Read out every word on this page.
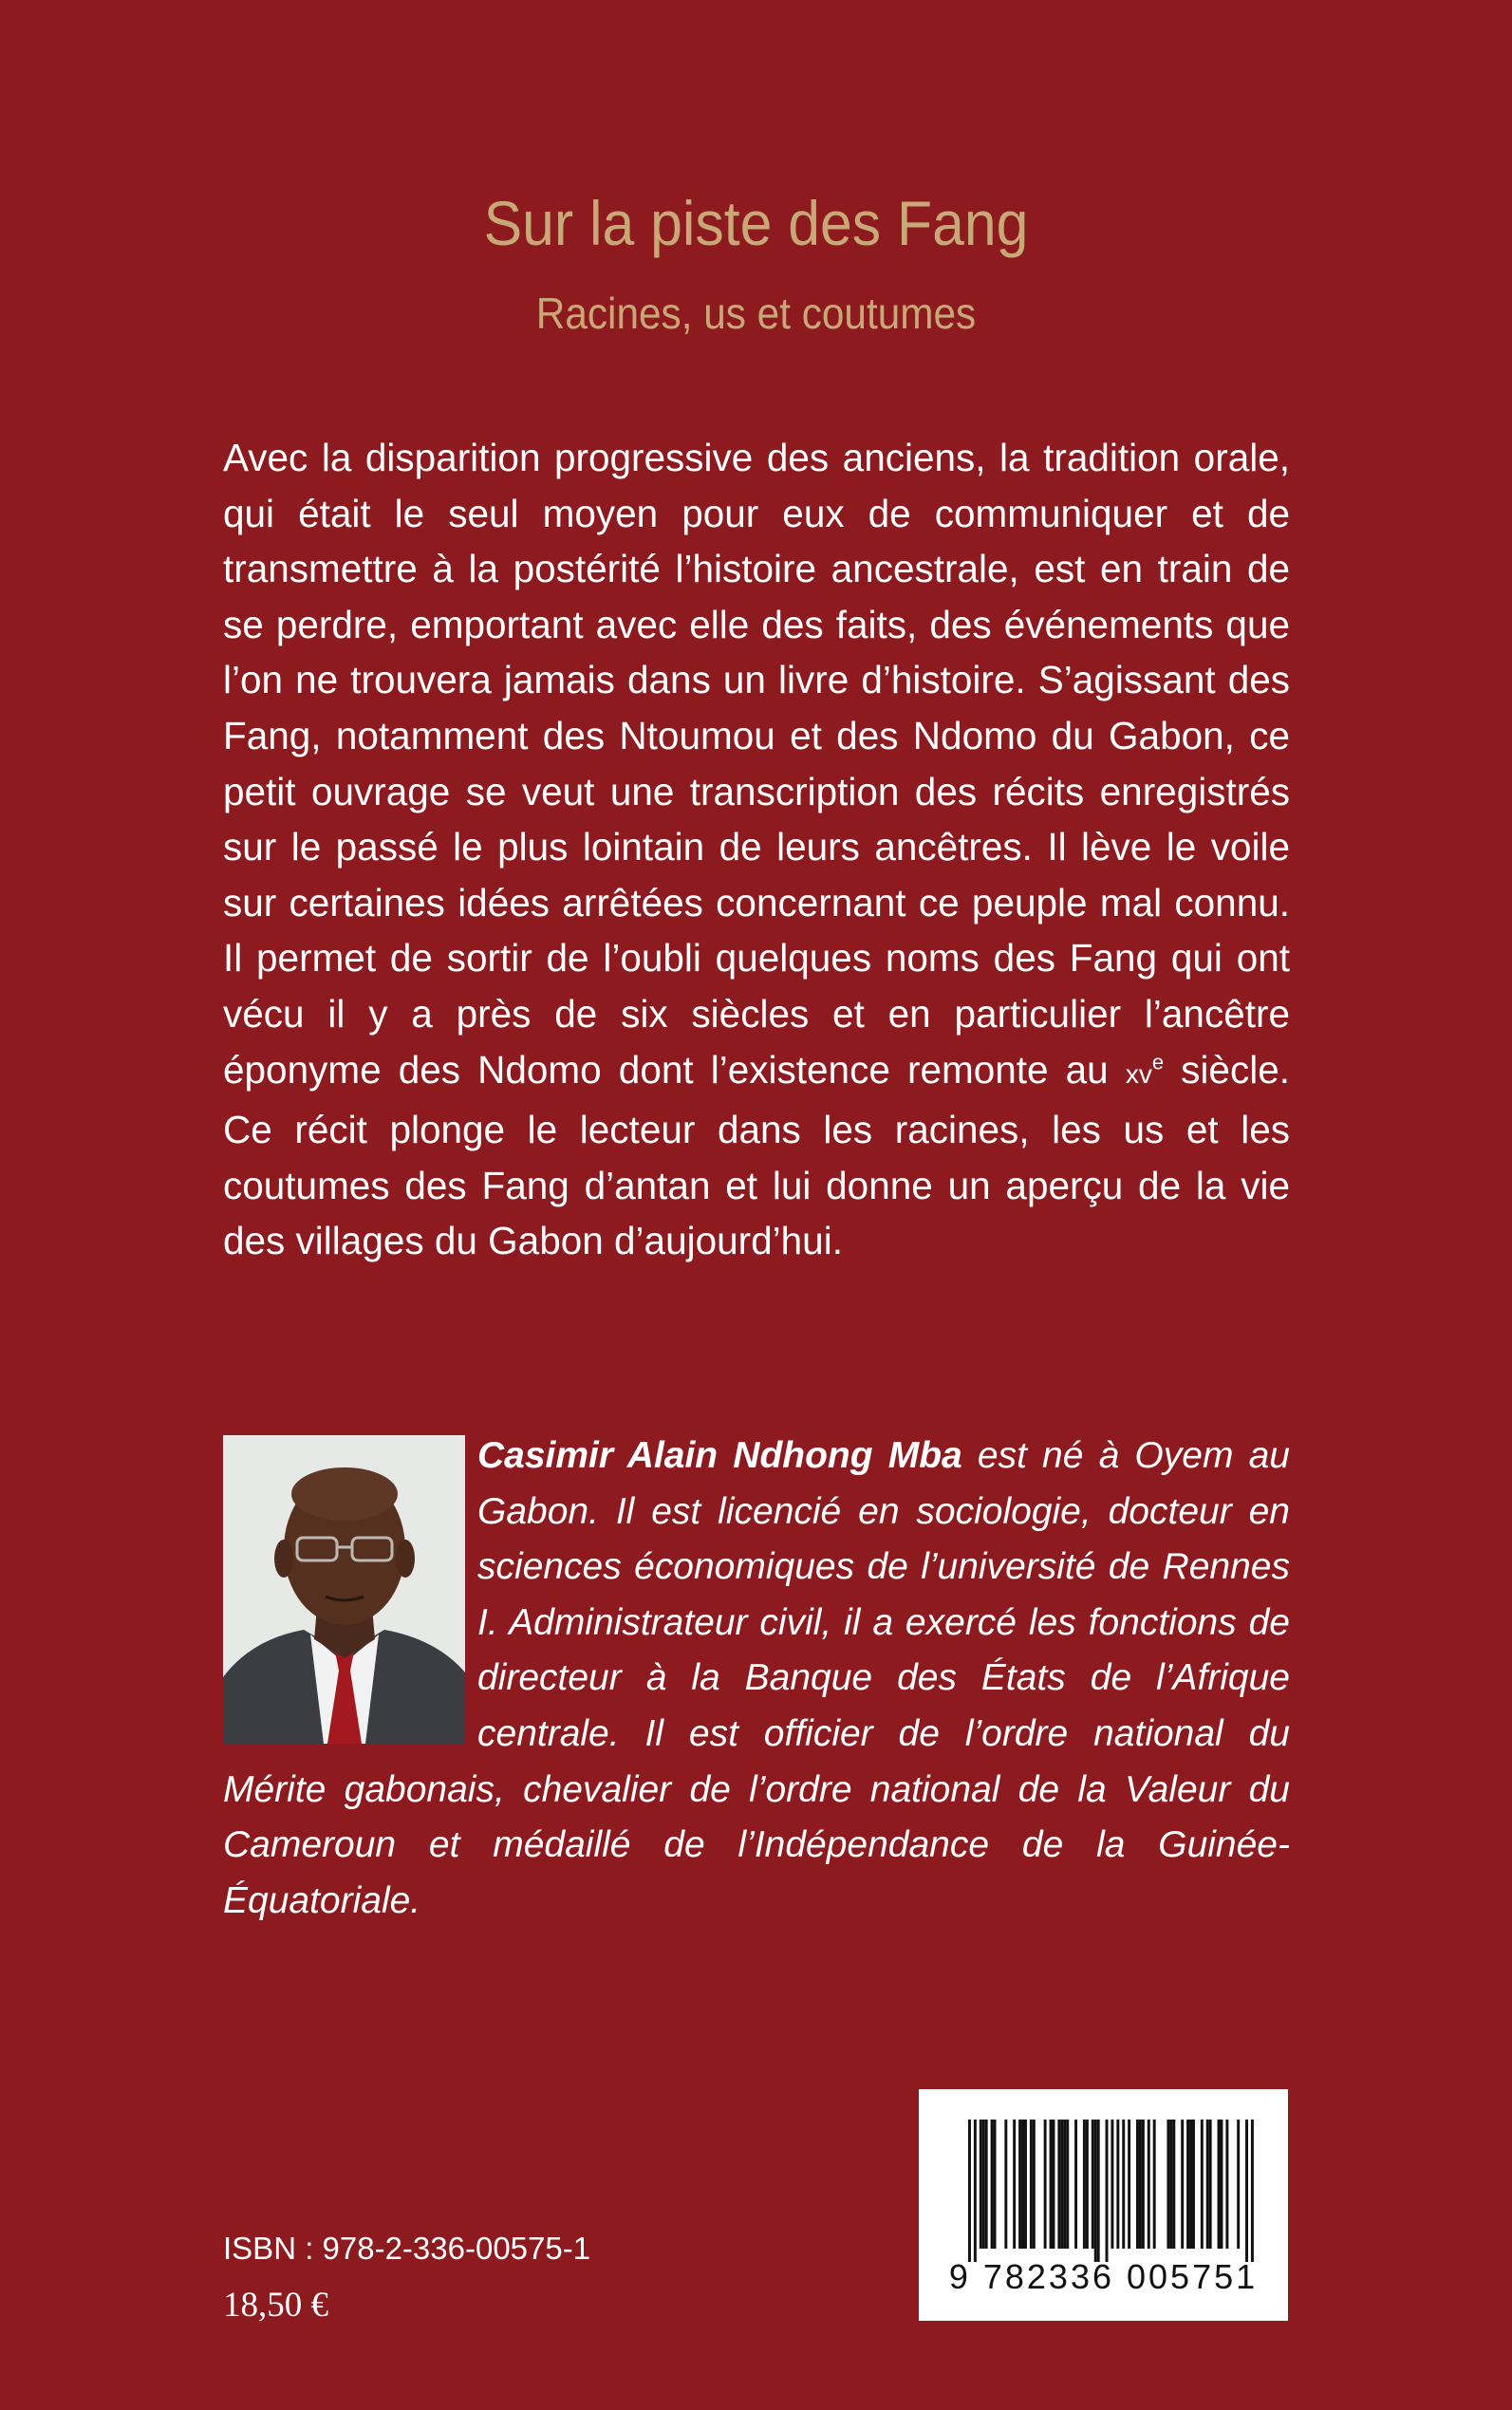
Sur la piste des Fang
Racines, us et coutumes

Avec la disparition progressive des anciens, la tradition orale, qui était le seul moyen pour eux de communiquer et de transmettre à la postérité l’histoire ancestrale, est en train de se perdre, emportant avec elle des faits, des événements que l’on ne trouvera jamais dans un livre d’histoire. S’agissant des Fang, notamment des Ntoumou et des Ndomo du Gabon, ce petit ouvrage se veut une transcription des récits enregistrés sur le passé le plus lointain de leurs ancêtres. Il lève le voile sur certaines idées arrêtées concernant ce peuple mal connu. Il permet de sortir de l’oubli quelques noms des Fang qui ont vécu il y a près de six siècles et en particulier l’ancêtre éponyme des Ndomo dont l’existence remonte au $xv^e$ siècle. Ce récit plonge le lecteur dans les racines, les us et les coutumes des Fang d’antan et lui donne un aperçu de la vie des villages du Gabon d’aujourd’hui.

Casimir Alain Ndhong Mba est né à Oyem au Gabon. Il est licencié en sociologie, docteur en sciences économiques de l’université de Rennes I. Administrateur civil, il a exercé les fonctions de directeur à la Banque des États de l’Afrique centrale. Il est officier de l’ordre national du Mérite gabonais, chevalier de l’ordre national de la Valeur du Cameroun et médaillé de l’Indépendance de la Guinée-Équatoriale.

ISBN : 978-2-336-00575-1
18,50 €
9 782336 005751
